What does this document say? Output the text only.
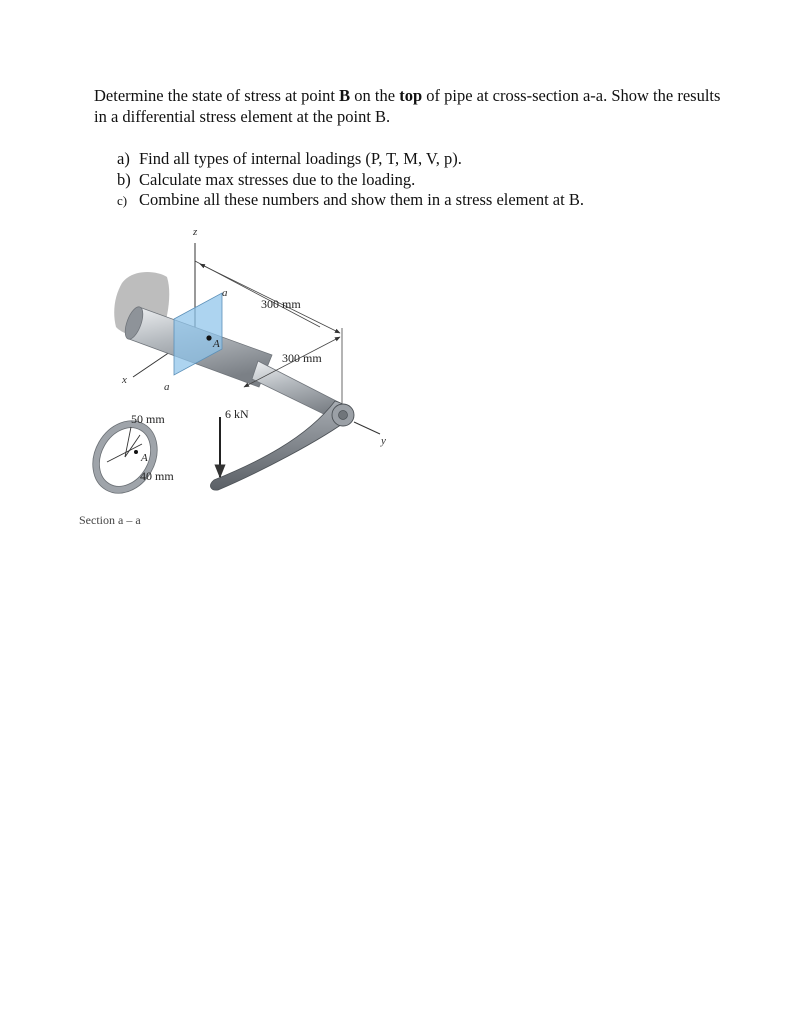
Determine the state of stress at point B on the top of pipe at cross-section a-a. Show the results in a differential stress element at the point B.

a) Find all types of internal loadings (P, T, M, V, p).
b) Calculate max stresses due to the loading.
c) Combine all these numbers and show them in a stress element at B.
z
x
a
a
A
300 mm
300 mm
y
6 kN
A
50 mm
40 mm
Section a – a
